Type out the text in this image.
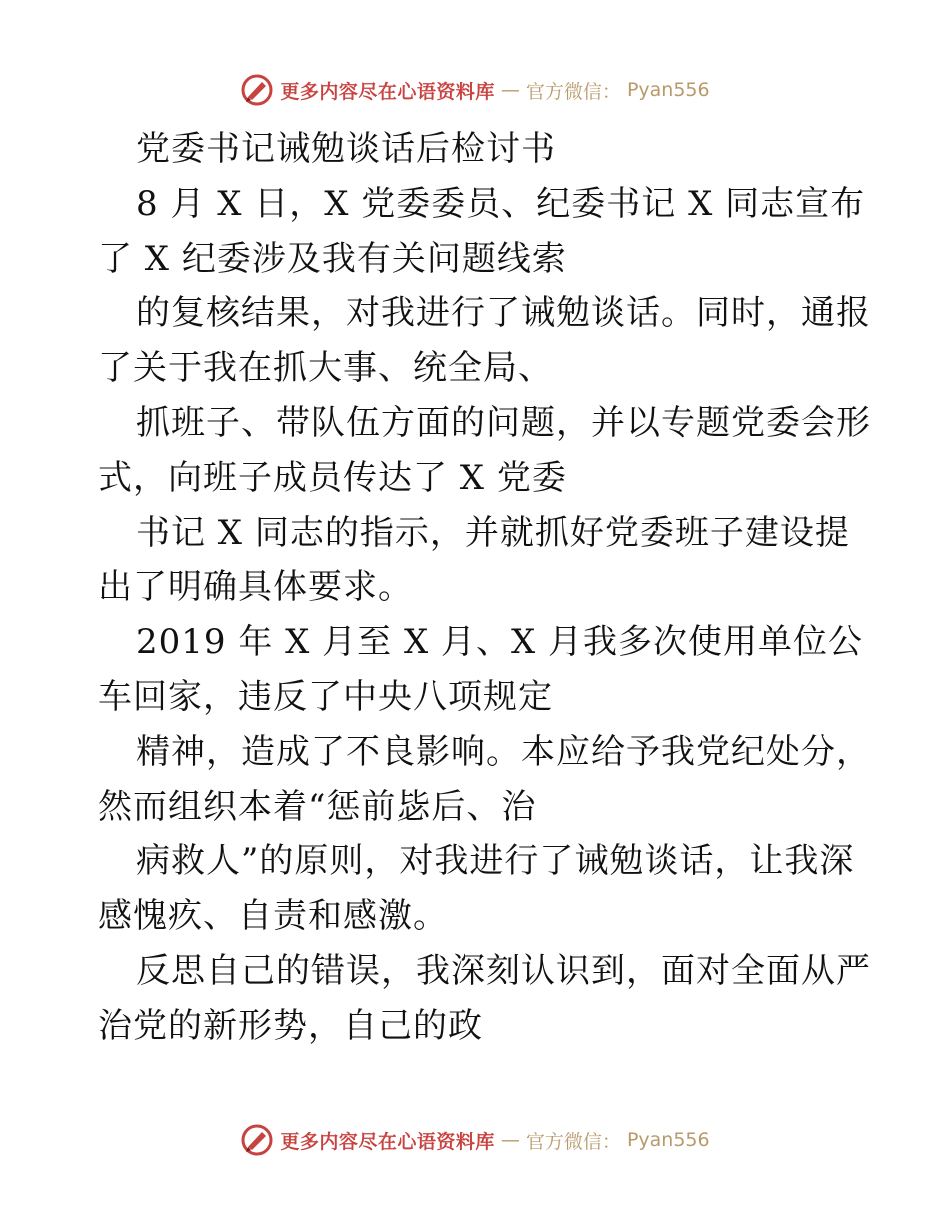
更多内容尽在心语资料库 — 官方微信： Pyan556
党委书记诫勉谈话后检讨书
8 月 X 日，X 党委委员、纪委书记 X 同志宣布
了 X 纪委涉及我有关问题线索
的复核结果，对我进行了诫勉谈话。同时，通报
了关于我在抓大事、统全局、
抓班子、带队伍方面的问题，并以专题党委会形
式，向班子成员传达了 X 党委
书记 X 同志的指示，并就抓好党委班子建设提
出了明确具体要求。
2019 年 X 月至 X 月、X 月我多次使用单位公
车回家，违反了中央八项规定
精神，造成了不良影响。本应给予我党纪处分，
然而组织本着“惩前毖后、治
病救人”的原则，对我进行了诫勉谈话，让我深
感愧疚、自责和感激。
反思自己的错误，我深刻认识到，面对全面从严
治党的新形势，自己的政
更多内容尽在心语资料库 — 官方微信： Pyan556
